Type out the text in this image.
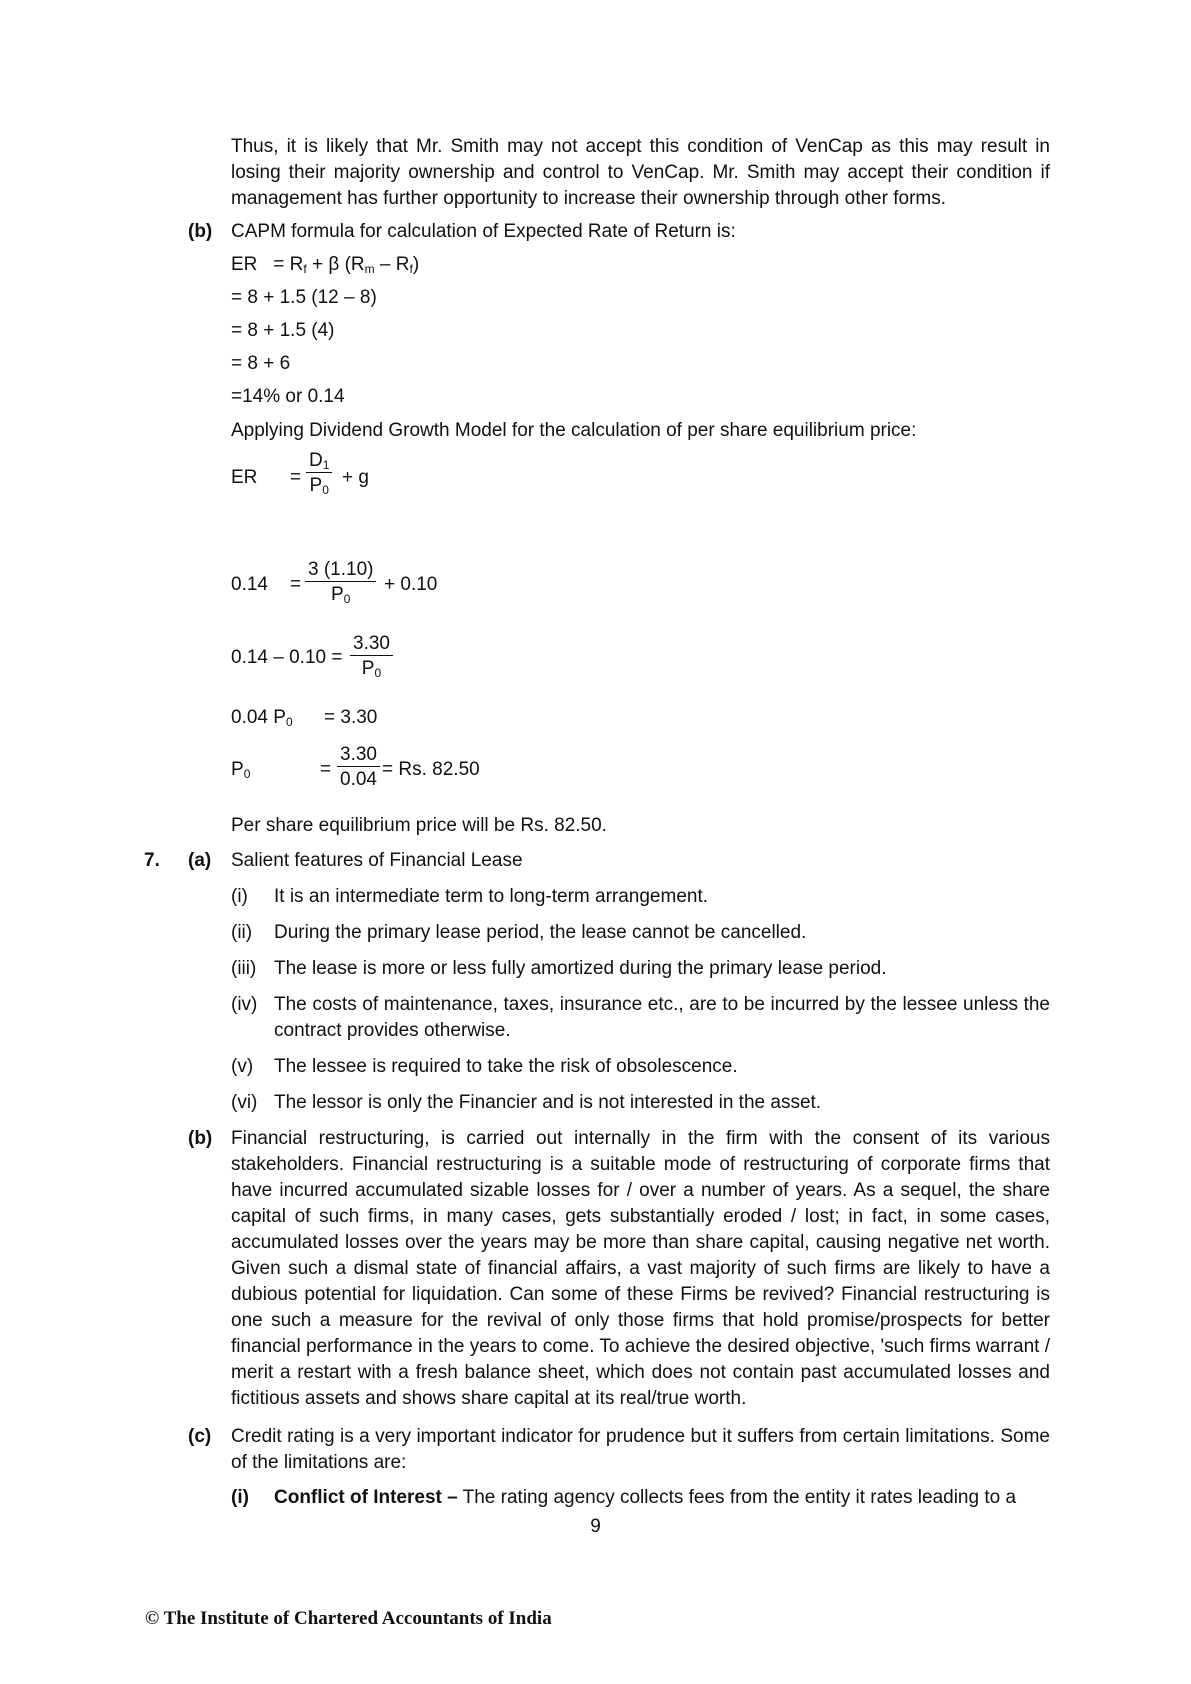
Thus, it is likely that Mr. Smith may not accept this condition of VenCap as this may result in losing their majority ownership and control to VenCap. Mr. Smith may accept their condition if management has further opportunity to increase their ownership through other forms.

(b) CAPM formula for calculation of Expected Rate of Return is:
ER = $R_f + \beta$ $(R_m - R_f)$
= 8 + 1.5 (12 – 8)
= 8 + 1.5 (4)
= 8 + 6
=14% or 0.14
Applying Dividend Growth Model for the calculation of per share equilibrium price:
ER = $\frac{D_1}{P_0} + g$
$0.14 = \frac{3 (1.10)}{P_0} + 0.10$
$0.14 - 0.10 = \frac{3.30}{P_0}$
0.04 $P_0 = 3.30$
$P_0$	= $\frac{3.30}{0.04} = Rs$. 82.50
Per share equilibrium price will be Rs. 82.50.
7. (a) Salient features of Financial Lease
(i) It is an intermediate term to long-term arrangement.

(ii) During the primary lease period, the lease cannot be cancelled.

(iii) The lease is more or less fully amortized during the primary lease period.

(iv) The costs of maintenance, taxes, insurance etc., are to be incurred by the lessee unless the contract provides otherwise.

(v) The lessee is required to take the risk of obsolescence.

(vi) The lessor is only the Financier and is not interested in the asset.

(b) Financial restructuring, is carried out internally in the firm with the consent of its various stakeholders. Financial restructuring is a suitable mode of restructuring of corporate firms that have incurred accumulated sizable losses for / over a number of years. As a sequel, the share capital of such firms, in many cases, gets substantially eroded / lost; in fact, in some cases, accumulated losses over the years may be more than share capital, causing negative net worth. Given such a dismal state of financial affairs, a vast majority of such firms are likely to have a dubious potential for liquidation. Can some of these Firms be revived? Financial restructuring is one such a measure for the revival of only those firms that hold promise/prospects for better financial performance in the years to come. To achieve the desired objective, 'such firms warrant / merit a restart with a fresh balance sheet, which does not contain past accumulated losses and fictitious assets and shows share capital at its real/true worth.

(c) Credit rating is a very important indicator for prudence but it suffers from certain limitations. Some of the limitations are:

(i) Conflict of Interest – The rating agency collects fees from the entity it rates leading to a

9
© The Institute of Chartered Accountants of India
